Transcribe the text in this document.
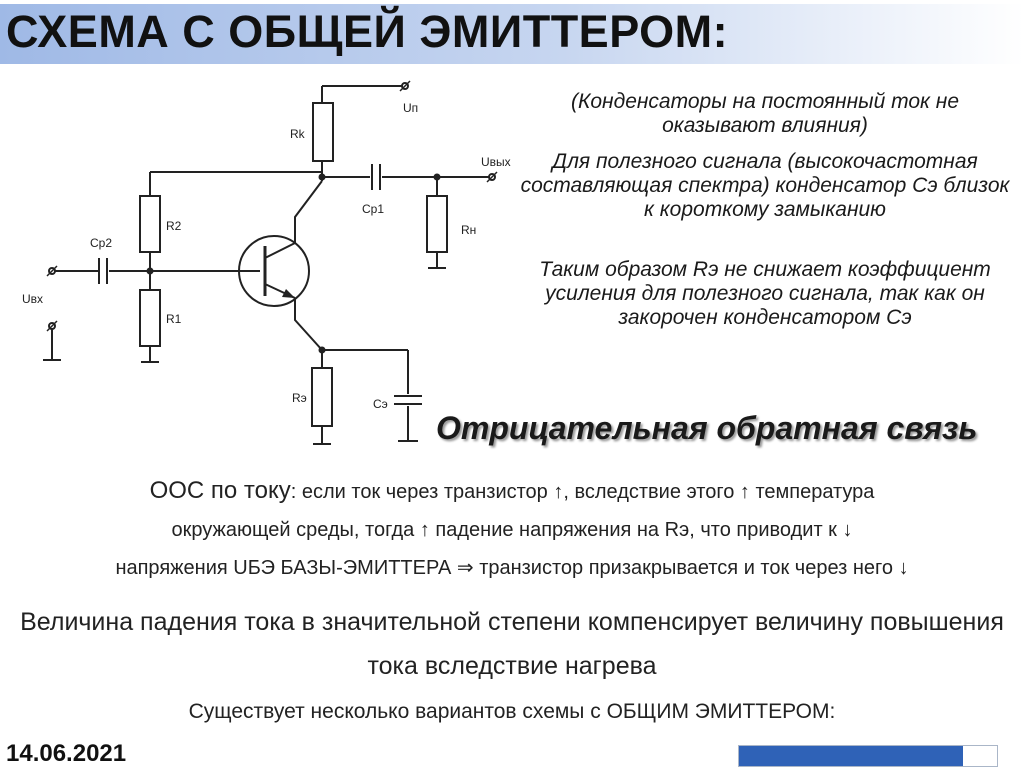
СХЕМА С ОБЩЕЙ ЭМИТТЕРОМ:
Uп
Rk
Uвых
Cр1
Rн
R2
Cр2
Uвх
R1
Rэ	Cэ
(Конденсаторы на постоянный ток не оказывают влияния)
Для полезного сигнала (высокочастотная составляющая спектра) конденсатор Cэ близок к короткому замыканию
Таким образом Rэ не снижает коэффициент усиления для полезного сигнала, так как он закорочен конденсатором Cэ
Отрицательная обратная связь
ООС по току: если ток через транзистор ↑, вследствие этого ↑ температура
окружающей среды, тогда ↑ падение напряжения на Rэ, что приводит к ↓
напряжения UБЭ БАЗЫ-ЭМИТТЕРА ⇒ транзистор призакрывается и ток через него ↓
Величина падения тока в значительной степени компенсирует величину повышения тока вследствие нагрева
Существует несколько вариантов схемы с ОБЩИМ ЭМИТТЕРОМ:
14.06.2021
